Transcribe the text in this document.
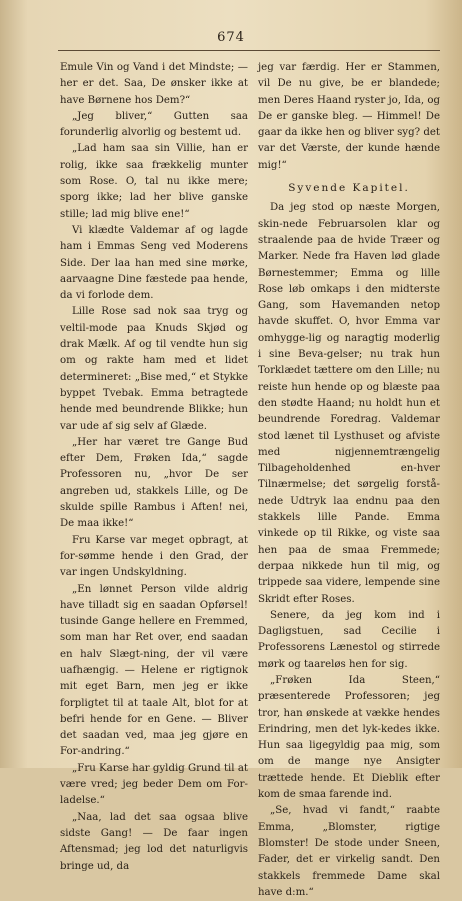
674

Emule Vin og Vand i det Mindste; — her er det. Saa, De ønsker ikke at have Børnene hos Dem?“

„Jeg bliver,“ Gutten saa forunderlig alvorlig og bestemt ud.

„Lad ham saa sin Villie, han er rolig, ikke saa frækkelig munter som Rose. O, tal nu ikke mere; sporg ikke; lad her blive ganske stille; lad mig blive ene!“

Vi klædte Valdemar af og lagde ham i Emmas Seng ved Moderens Side. Der laa han med sine mørke, aarvaagne Dine fæstede paa hende, da vi forlode dem.

Lille Rose sad nok saa tryg og veltil-mode paa Knuds Skjød og drak Mælk. Af og til vendte hun sig om og rakte ham med et lidet determineret: „Bise med,“ et Stykke byppet Tvebak. Emma betragtede hende med beundrende Blikke; hun var ude af sig selv af Glæde.

„Her har været tre Gange Bud efter Dem, Frøken Ida,“ sagde Professoren nu, „hvor De ser angreben ud, stakkels Lille, og De skulde spille Rambus i Aften! nei, De maa ikke!“

Fru Karse var meget opbragt, at for-sømme hende i den Grad, der var ingen Undskyldning.

„En lønnet Person vilde aldrig have tilladt sig en saadan Opførsel! tusinde Gange hellere en Fremmed, som man har Ret over, end saadan en halv Slægt-ning, der vil være uafhængig. — Helene er rigtignok mit eget Barn, men jeg er ikke forpligtet til at taale Alt, blot for at befri hende for en Gene. — Bliver det saadan ved, maa jeg gjøre en For-andring.“

„Fru Karse har gyldig Grund til at være vred; jeg beder Dem om For-ladelse.“

„Naa, lad det saa ogsaa blive sidste Gang! — De faar ingen Aftensmad; jeg lod det naturligvis bringe ud, da

jeg var færdig. Her er Stammen, vil De nu give, be er blandede; men Deres Haand ryster jo, Ida, og De er ganske bleg. — Himmel! De gaar da ikke hen og bliver syg? det var det Værste, der kunde hænde mig!“

Syvende Kapitel.

Da jeg stod op næste Morgen, skin-nede Februarsolen klar og straalende paa de hvide Træer og Marker. Nede fra Haven lød glade Børnestemmer; Emma og lille Rose løb omkaps i den midterste Gang, som Havemanden netop havde skuffet. O, hvor Emma var omhygge-lig og naragtig moderlig i sine Beva-gelser; nu trak hun Torklædet tættere om den Lille; nu reiste hun hende op og blæste paa den stødte Haand; nu holdt hun et beundrende Foredrag. Valdemar stod lænet til Lysthuset og afviste med nigjennemtrængelig Tilbageholdenhed en-hver Tilnærmelse; det sørgelig forstå-nede Udtryk laa endnu paa den stakkels lille Pande. Emma vinkede op til Rikke, og viste saa hen paa de smaa Fremmede; derpaa nikkede hun til mig, og trippede saa videre, lempende sine Skridt efter Roses.

Senere, da jeg kom ind i Dagligstuen, sad Cecilie i Professorens Lænestol og stirrede mørk og taareløs hen for sig.

„Frøken Ida Steen,“ præsenterede Professoren; jeg tror, han ønskede at vække hendes Erindring, men det lyk-kedes ikke. Hun saa ligegyldig paa mig, som om de mange nye Ansigter trættede hende. Et Dieblik efter kom de smaa farende ind.

„Se, hvad vi fandt,“ raabte Emma, „Blomster, rigtige Blomster! De stode under Sneen, Fader, det er virkelig sandt. Den stakkels fremmede Dame skal have d:m.“
